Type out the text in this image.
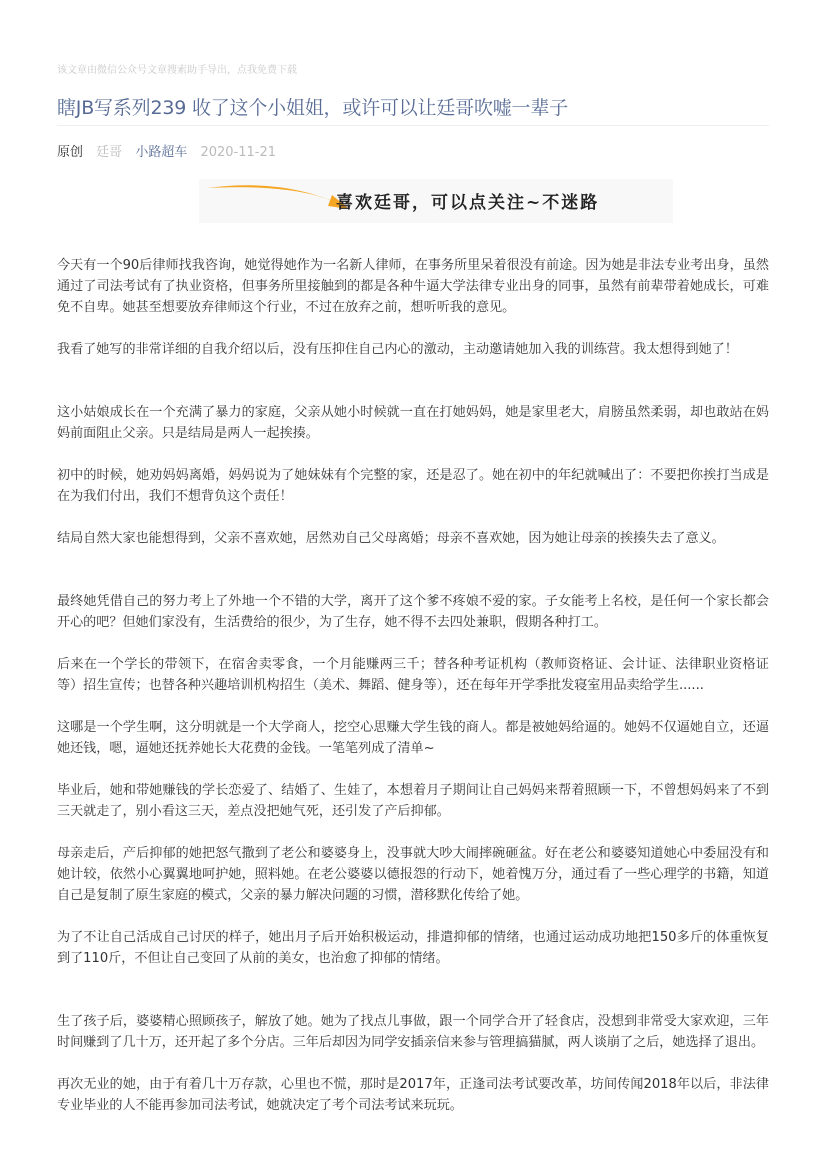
该文章由微信公众号文章搜索助手导出，点我免费下载
瞎JB写系列239 收了这个小姐姐，或许可以让廷哥吹嘘一辈子
原创 廷哥 小路超车 2020-11-21
喜欢廷哥，可以点关注~不迷路

今天有一个90后律师找我咨询，她觉得她作为一名新人律师，在事务所里呆着很没有前途。因为她是非法专业考出身，虽然通过了司法考试有了执业资格，但事务所里接触到的都是各种牛逼大学法律专业出身的同事，虽然有前辈带着她成长，可难免不自卑。她甚至想要放弃律师这个行业，不过在放弃之前，想听听我的意见。

我看了她写的非常详细的自我介绍以后，没有压抑住自己内心的激动，主动邀请她加入我的训练营。我太想得到她了！

这小姑娘成长在一个充满了暴力的家庭，父亲从她小时候就一直在打她妈妈，她是家里老大，肩膀虽然柔弱，却也敢站在妈妈前面阻止父亲。只是结局是两人一起挨揍。

初中的时候，她劝妈妈离婚，妈妈说为了她妹妹有个完整的家，还是忍了。她在初中的年纪就喊出了：不要把你挨打当成是在为我们付出，我们不想背负这个责任！

结局自然大家也能想得到，父亲不喜欢她，居然劝自己父母离婚；母亲不喜欢她，因为她让母亲的挨揍失去了意义。

最终她凭借自己的努力考上了外地一个不错的大学，离开了这个爹不疼娘不爱的家。子女能考上名校，是任何一个家长都会开心的吧？但她们家没有，生活费给的很少，为了生存，她不得不去四处兼职，假期各种打工。

后来在一个学长的带领下，在宿舍卖零食，一个月能赚两三千；替各种考证机构（教师资格证、会计证、法律职业资格证等）招生宣传；也替各种兴趣培训机构招生（美术、舞蹈、健身等），还在每年开学季批发寝室用品卖给学生......

这哪是一个学生啊，这分明就是一个大学商人，挖空心思赚大学生钱的商人。都是被她妈给逼的。她妈不仅逼她自立，还逼她还钱，嗯，逼她还抚养她长大花费的金钱。一笔笔列成了清单~

毕业后，她和带她赚钱的学长恋爱了、结婚了、生娃了，本想着月子期间让自己妈妈来帮着照顾一下，不曾想妈妈来了不到三天就走了，别小看这三天，差点没把她气死，还引发了产后抑郁。

母亲走后，产后抑郁的她把怒气撒到了老公和婆婆身上，没事就大吵大闹摔碗砸盆。好在老公和婆婆知道她心中委屈没有和她计较，依然小心翼翼地呵护她，照料她。在老公婆婆以德报怨的行动下，她着愧万分，通过看了一些心理学的书籍，知道自己是复制了原生家庭的模式，父亲的暴力解决问题的习惯，潜移默化传给了她。

为了不让自己活成自己讨厌的样子，她出月子后开始积极运动，排遣抑郁的情绪，也通过运动成功地把150多斤的体重恢复到了110斤，不但让自己变回了从前的美女，也治愈了抑郁的情绪。

生了孩子后，婆婆精心照顾孩子，解放了她。她为了找点儿事做，跟一个同学合开了轻食店，没想到非常受大家欢迎，三年时间赚到了几十万，还开起了多个分店。三年后却因为同学安插亲信来参与管理搞猫腻，两人谈崩了之后，她选择了退出。

再次无业的她，由于有着几十万存款，心里也不慌，那时是2017年，正逢司法考试要改革，坊间传闻2018年以后，非法律专业毕业的人不能再参加司法考试，她就决定了考个司法考试来玩玩。
